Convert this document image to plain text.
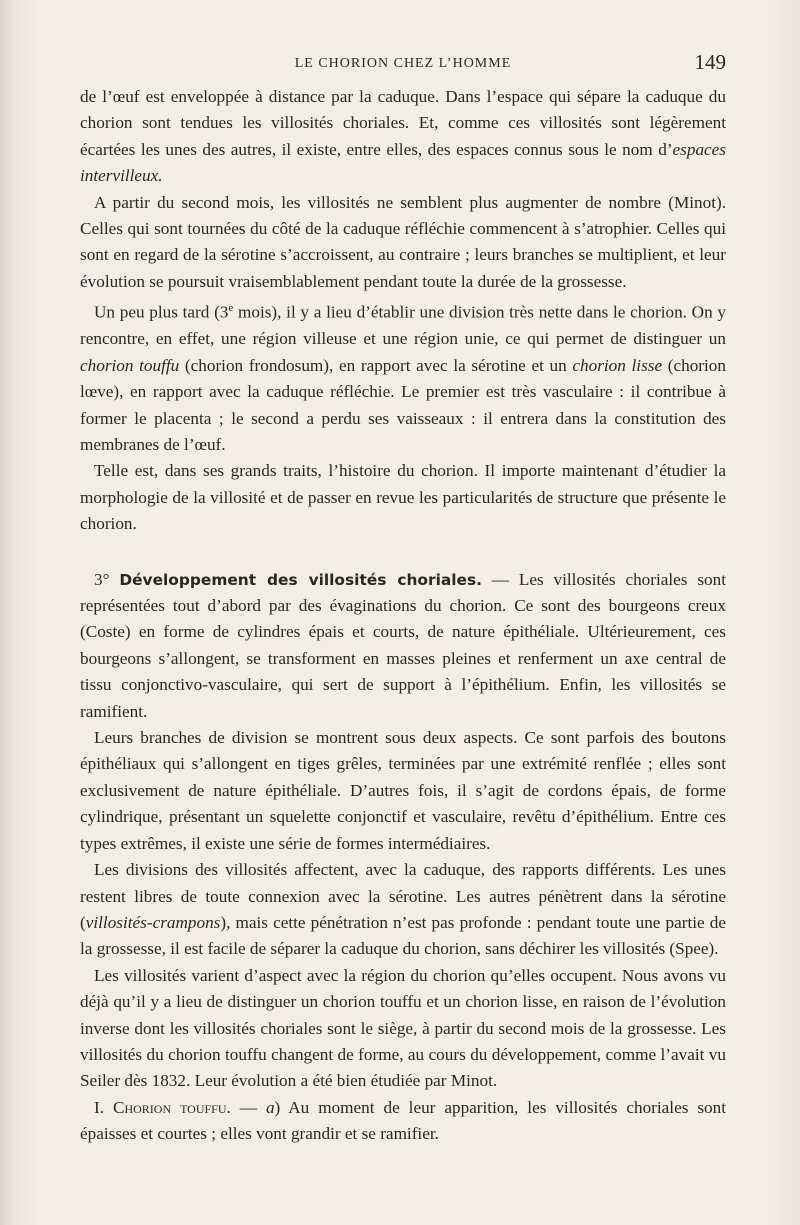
LE CHORION CHEZ L’HOMME	149

de l’œuf est enveloppée à distance par la caduque. Dans l’espace qui sépare la caduque du chorion sont tendues les villosités choriales. Et, comme ces villosités sont légèrement écartées les unes des autres, il existe, entre elles, des espaces connus sous le nom d’espaces intervilleux.

A partir du second mois, les villosités ne semblent plus augmenter de nombre (Minot). Celles qui sont tournées du côté de la caduque réfléchie commencent à s’atrophier. Celles qui sont en regard de la sérotine s’accroissent, au contraire ; leurs branches se multiplient, et leur évolution se poursuit vraisemblablement pendant toute la durée de la grossesse.

Un peu plus tard (3e mois), il y a lieu d’établir une division très nette dans le chorion. On y rencontre, en effet, une région villeuse et une région unie, ce qui permet de distinguer un chorion touffu (chorion frondosum), en rapport avec la sérotine et un chorion lisse (chorion lœve), en rapport avec la caduque réfléchie. Le premier est très vasculaire : il contribue à former le placenta ; le second a perdu ses vaisseaux : il entrera dans la constitution des membranes de l’œuf.

Telle est, dans ses grands traits, l’histoire du chorion. Il importe maintenant d’étudier la morphologie de la villosité et de passer en revue les particularités de structure que présente le chorion.

3° Développement des villosités choriales. — Les villosités choriales sont représentées tout d’abord par des évaginations du chorion. Ce sont des bourgeons creux (Coste) en forme de cylindres épais et courts, de nature épithéliale. Ultérieurement, ces bourgeons s’allongent, se transforment en masses pleines et renferment un axe central de tissu conjonctivo-vasculaire, qui sert de support à l’épithélium. Enfin, les villosités se ramifient.

Leurs branches de division se montrent sous deux aspects. Ce sont parfois des boutons épithéliaux qui s’allongent en tiges grêles, terminées par une extrémité renflée ; elles sont exclusivement de nature épithéliale. D’autres fois, il s’agit de cordons épais, de forme cylindrique, présentant un squelette conjonctif et vasculaire, revêtu d’épithélium. Entre ces types extrêmes, il existe une série de formes intermédiaires.

Les divisions des villosités affectent, avec la caduque, des rapports différents. Les unes restent libres de toute connexion avec la sérotine. Les autres pénètrent dans la sérotine (villosités-crampons), mais cette pénétration n’est pas profonde : pendant toute une partie de la grossesse, il est facile de séparer la caduque du chorion, sans déchirer les villosités (Spee).

Les villosités varient d’aspect avec la région du chorion qu’elles occupent. Nous avons vu déjà qu’il y a lieu de distinguer un chorion touffu et un chorion lisse, en raison de l’évolution inverse dont les villosités choriales sont le siège, à partir du second mois de la grossesse. Les villosités du chorion touffu changent de forme, au cours du développement, comme l’avait vu Seiler dès 1832. Leur évolution a été bien étudiée par Minot.

I. Chorion touffu. — a) Au moment de leur apparition, les villosités choriales sont épaisses et courtes ; elles vont grandir et se ramifier.
